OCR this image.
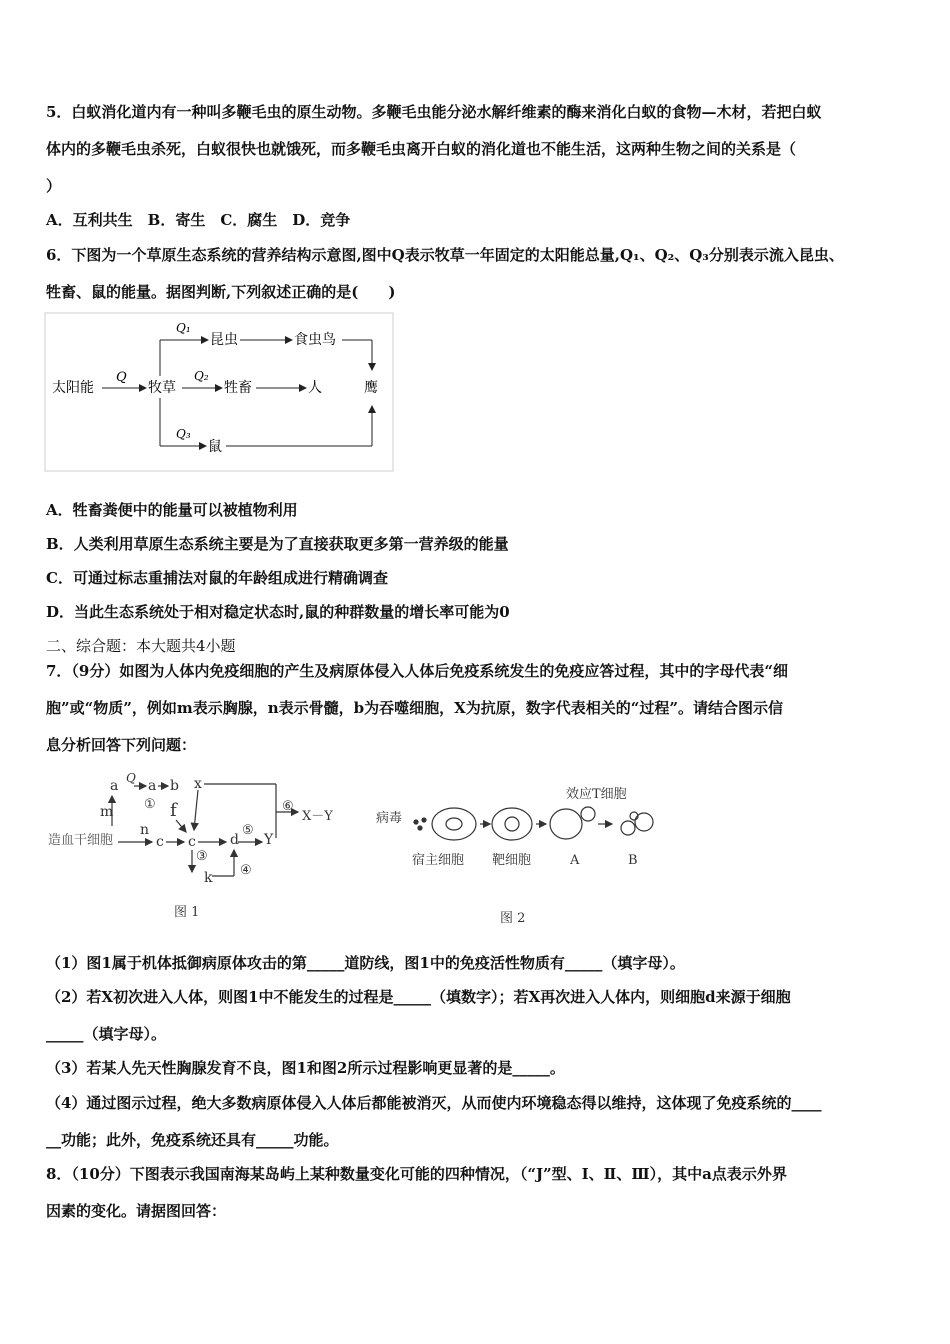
5．白蚁消化道内有一种叫多鞭毛虫的原生动物。多鞭毛虫能分泌水解纤维素的酶来消化白蚁的食物—木材，若把白蚁
体内的多鞭毛虫杀死，白蚁很快也就饿死，而多鞭毛虫离开白蚁的消化道也不能生活，这两种生物之间的关系是（
）
A．互利共生　B．寄生　C．腐生　D．竞争
6．下图为一个草原生态系统的营养结构示意图,图中Q表示牧草一年固定的太阳能总量,Q₁、Q₂、Q₃分别表示流入昆虫、
牲畜、鼠的能量。据图判断,下列叙述正确的是(　　)
太阳能
Q
牧草
Q₁
昆虫	食虫鸟
Q₂
牲畜	人	鹰
Q₃
鼠
A．牲畜粪便中的能量可以被植物利用
B．人类利用草原生态系统主要是为了直接获取更多第一营养级的能量
C．可通过标志重捕法对鼠的年龄组成进行精确调查
D．当此生态系统处于相对稳定状态时,鼠的种群数量的增长率可能为0
二、综合题：本大题共4小题
7．（9分）如图为人体内免疫细胞的产生及病原体侵入人体后免疫系统发生的免疫应答过程，其中的字母代表“细
胞”或“物质”，例如m表示胸腺，n表示骨髓，b为吞噬细胞，X为抗原，数字代表相关的“过程”。请结合图示信
息分析回答下列问题：
a Q a b x
m ① f
造血干细胞
n
c c d
⑤
Y
⑥
X－Y
③
④
k
图 1
病毒
效应T细胞
宿主细胞 靶细胞	A	B
图 2
（1）图1属于机体抵御病原体攻击的第_____道防线，图1中的免疫活性物质有_____（填字母）。
（2）若X初次进入人体，则图1中不能发生的过程是_____（填数字）；若X再次进入人体内，则细胞d来源于细胞
_____（填字母）。
（3）若某人先天性胸腺发育不良，图1和图2所示过程影响更显著的是_____。
（4）通过图示过程，绝大多数病原体侵入人体后都能被消灭，从而使内环境稳态得以维持，这体现了免疫系统的____
__功能；此外，免疫系统还具有_____功能。
8．（10分）下图表示我国南海某岛屿上某种数量变化可能的四种情况，（“J”型、Ⅰ、Ⅱ、Ⅲ），其中a点表示外界
因素的变化。请据图回答：
